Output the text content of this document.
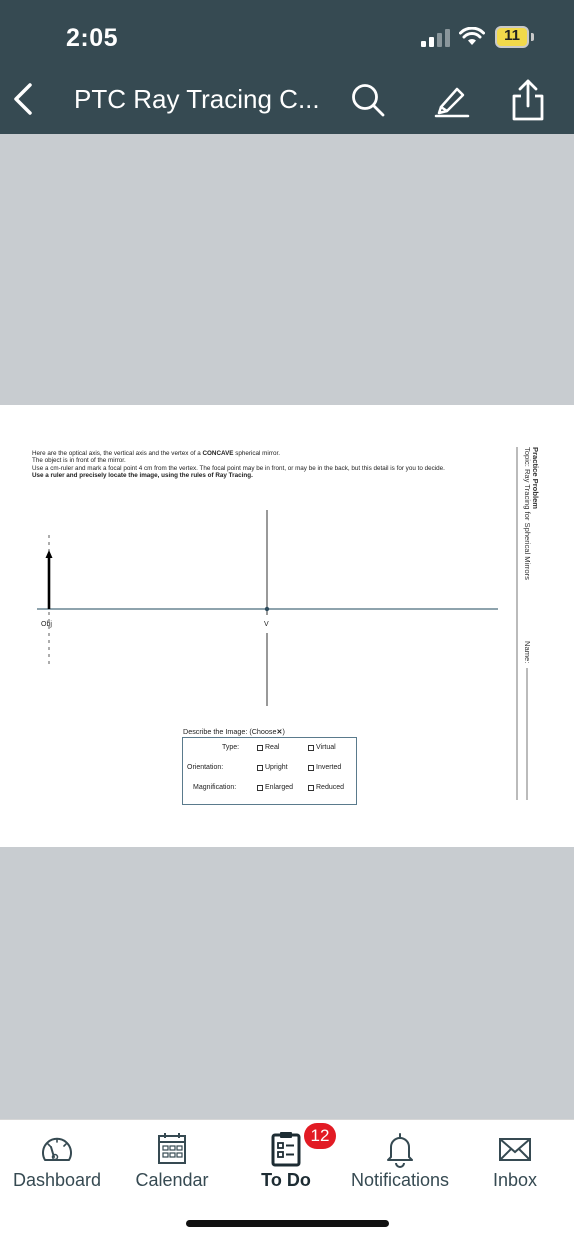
2:05	11
PTC Ray Tracing C...
Here are the optical axis, the vertical axis and the vertex of a CONCAVE spherical mirror.
The object is in front of the mirror.
Use a cm-ruler and mark a focal point 4 cm from the vertex. The focal point may be in front, or may be in the back, but this detail is for you to decide.
Use a ruler and precisely locate the image, using the rules of Ray Tracing.	Practice Problem
Topic: Ray Tracing for Spherical Mirrors
Name:
Obj	V
Describe the Image: (Choose✕)
Type:	Real	Virtual
Orientation:	Upright	Inverted
Magnification:	Enlarged	Reduced
Dashboard	Calendar	To Do	Notifications	Inbox
12
